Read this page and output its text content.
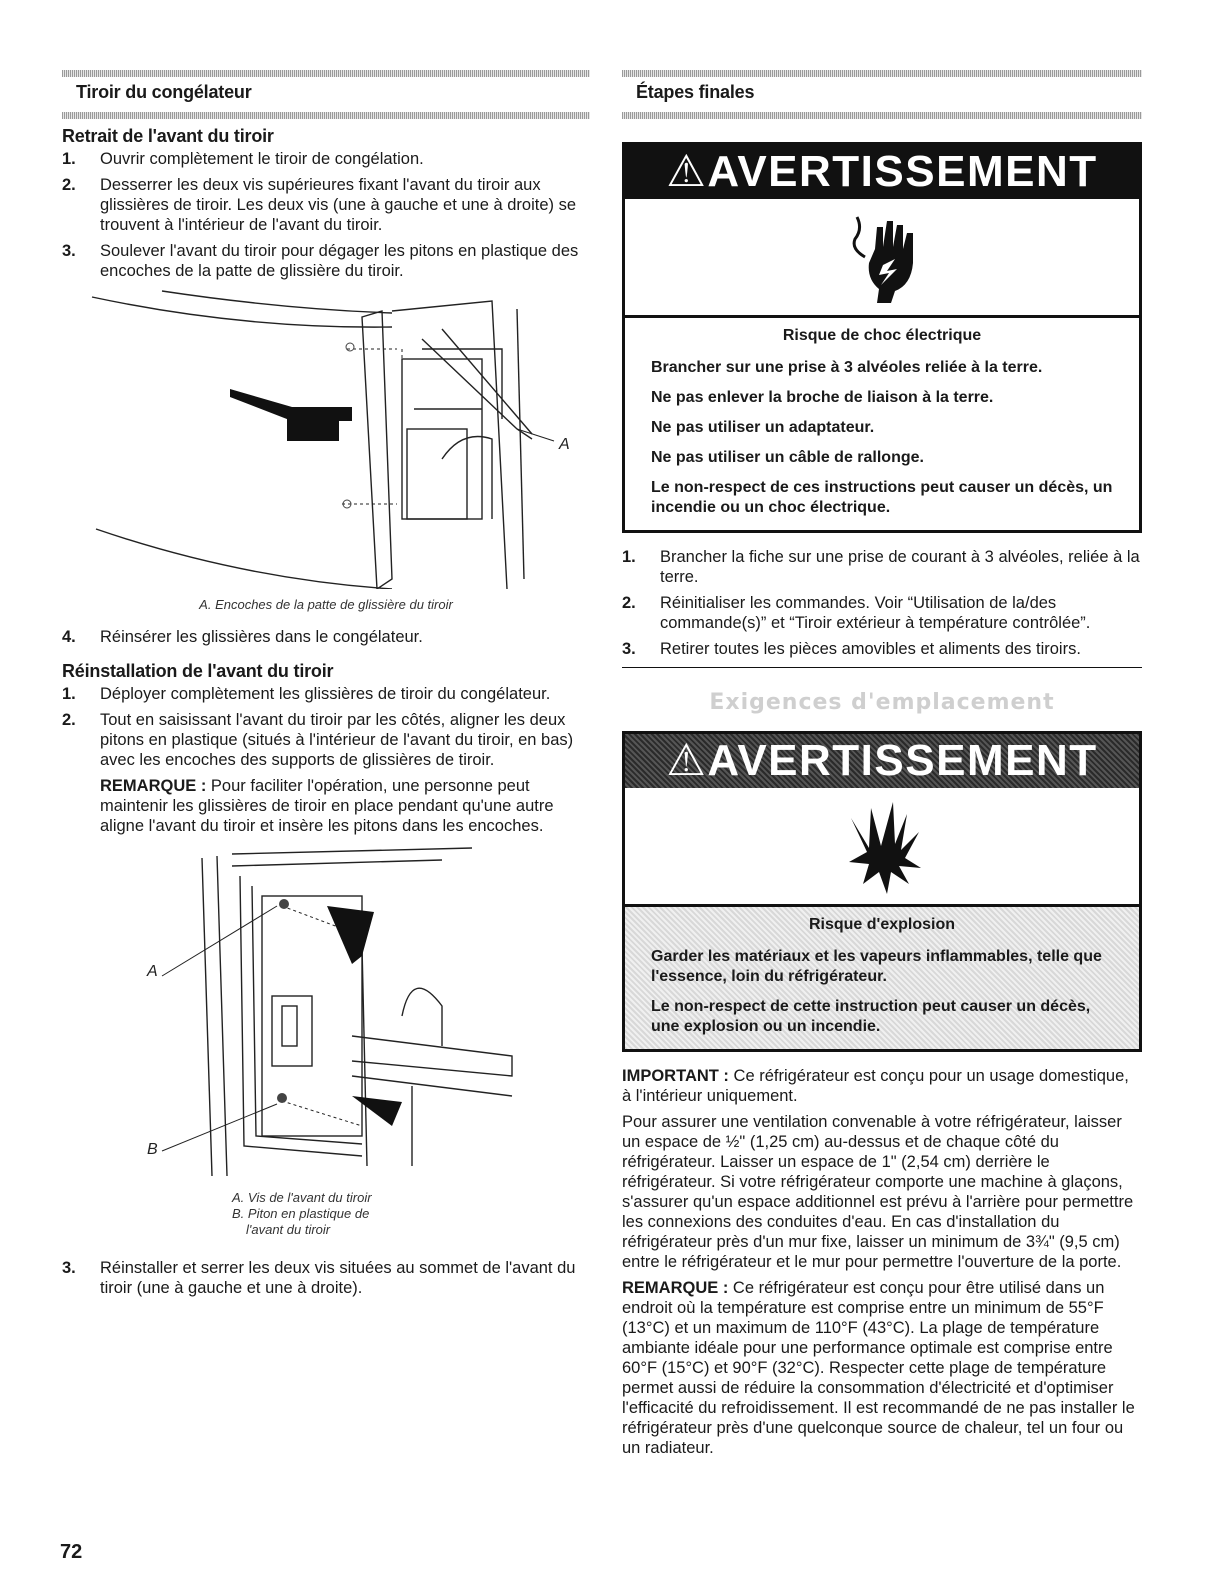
Tiroir du congélateur
Retrait de l'avant du tiroir
1. Ouvrir complètement le tiroir de congélation.
2. Desserrer les deux vis supérieures fixant l'avant du tiroir aux glissières de tiroir. Les deux vis (une à gauche et une à droite) se trouvent à l'intérieur de l'avant du tiroir.
3. Soulever l'avant du tiroir pour dégager les pitons en plastique des encoches de la patte de glissière du tiroir.
A
A. Encoches de la patte de glissière du tiroir
4. Réinsérer les glissières dans le congélateur.
Réinstallation de l'avant du tiroir
1. Déployer complètement les glissières de tiroir du congélateur.
2. Tout en saisissant l'avant du tiroir par les côtés, aligner les deux pitons en plastique (situés à l'intérieur de l'avant du tiroir, en bas) avec les encoches des supports de glissières de tiroir.
REMARQUE : Pour faciliter l'opération, une personne peut maintenir les glissières de tiroir en place pendant qu'une autre aligne l'avant du tiroir et insère les pitons dans les encoches.
A
B
A. Vis de l'avant du tiroir
B. Piton en plastique de
l'avant du tiroir
3. Réinstaller et serrer les deux vis situées au sommet de l'avant du tiroir (une à gauche et une à droite).
Étapes finales
⚠AVERTISSEMENT
Risque de choc électrique

Brancher sur une prise à 3 alvéoles reliée à la terre.

Ne pas enlever la broche de liaison à la terre.

Ne pas utiliser un adaptateur.

Ne pas utiliser un câble de rallonge.

Le non-respect de ces instructions peut causer un décès, un incendie ou un choc électrique.

1. Brancher la fiche sur une prise de courant à 3 alvéoles, reliée à la terre.
2. Réinitialiser les commandes. Voir “Utilisation de la/des commande(s)” et “Tiroir extérieur à température contrôlée”.
3. Retirer toutes les pièces amovibles et aliments des tiroirs.
Exigences d'emplacement
⚠AVERTISSEMENT
Risque d'explosion

Garder les matériaux et les vapeurs inflammables, telle que l'essence, loin du réfrigérateur.

Le non-respect de cette instruction peut causer un décès, une explosion ou un incendie.

IMPORTANT : Ce réfrigérateur est conçu pour un usage domestique, à l'intérieur uniquement.

Pour assurer une ventilation convenable à votre réfrigérateur, laisser un espace de ½" (1,25 cm) au-dessus et de chaque côté du réfrigérateur. Laisser un espace de 1" (2,54 cm) derrière le réfrigérateur. Si votre réfrigérateur comporte une machine à glaçons, s'assurer qu'un espace additionnel est prévu à l'arrière pour permettre les connexions des conduites d'eau. En cas d'installation du réfrigérateur près d'un mur fixe, laisser un minimum de 3¾" (9,5 cm) entre le réfrigérateur et le mur pour permettre l'ouverture de la porte.

REMARQUE : Ce réfrigérateur est conçu pour être utilisé dans un endroit où la température est comprise entre un minimum de 55°F (13°C) et un maximum de 110°F (43°C). La plage de température ambiante idéale pour une performance optimale est comprise entre 60°F (15°C) et 90°F (32°C). Respecter cette plage de température permet aussi de réduire la consommation d'électricité et d'optimiser l'efficacité du refroidissement. Il est recommandé de ne pas installer le réfrigérateur près d'une quelconque source de chaleur, tel un four ou un radiateur.

72
